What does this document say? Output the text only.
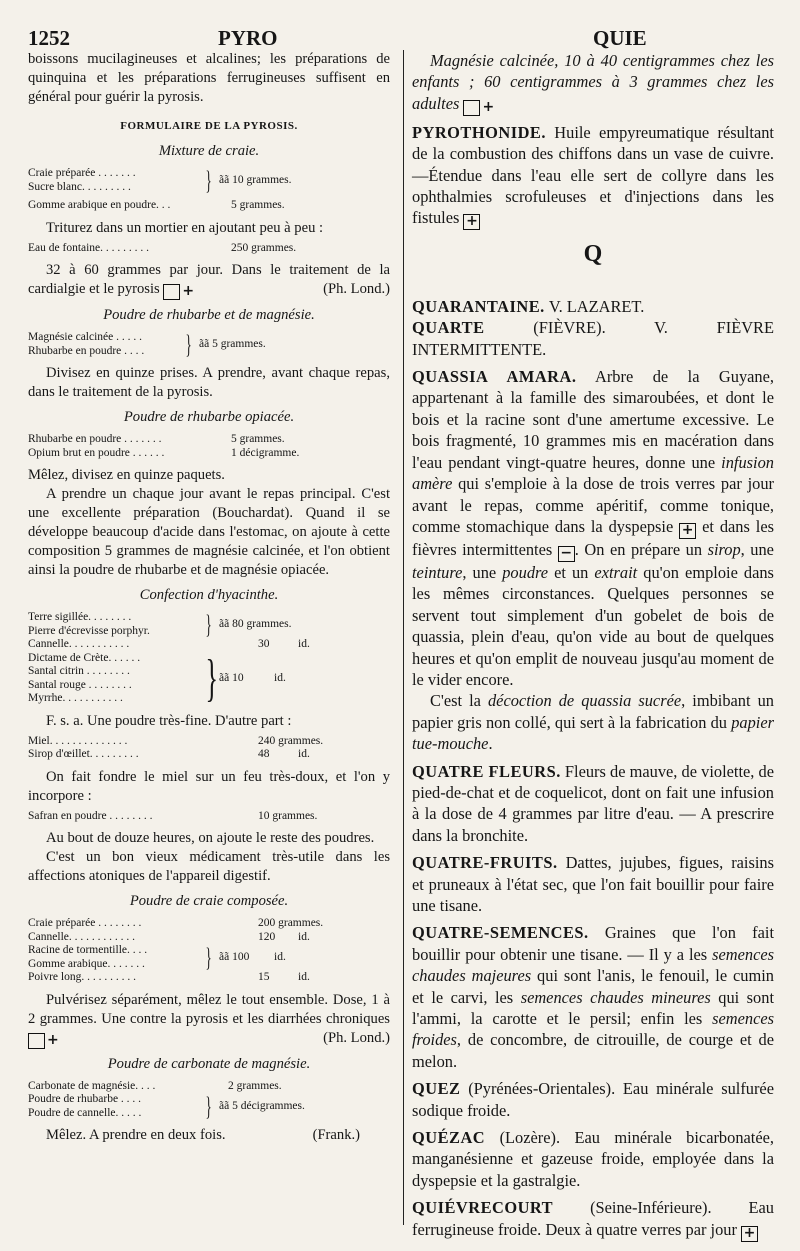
1252	PYRO	QUIE

boissons mucilagineuses et alcalines; les préparations de quinquina et les préparations ferrugineuses suffisent en général pour guérir la pyrosis.

FORMULAIRE DE LA PYROSIS.
Mixture de craie.
Craie préparée . . . . . . .
Sucre blanc. . . . . . . . .	} ãã 10 grammes.
Gomme arabique en poudre. . .	5 grammes.

Triturez dans un mortier en ajoutant peu à peu :

Eau de fontaine. . . . . . . . .	250 grammes.

32 à 60 grammes par jour. Dans le traitement de la cardialgie et le pyrosis +	(Ph. Lond.)

Poudre de rhubarbe et de magnésie.
Magnésie calcinée . . . . .
Rhubarbe en poudre . . . .	} ãã 5 grammes.

Divisez en quinze prises. A prendre, avant chaque repas, dans le traitement de la pyrosis.

Poudre de rhubarbe opiacée.
Rhubarbe en poudre . . . . . . .	5 grammes.
Opium brut en poudre . . . . . .	1 décigramme.

Mêlez, divisez en quinze paquets.

A prendre un chaque jour avant le repas principal. C'est une excellente préparation (Bouchardat). Quand il se développe beaucoup d'acide dans l'estomac, on ajoute à cette composition 5 grammes de magnésie calcinée, et l'on obtient ainsi la poudre de rhubarbe et de magnésie opiacée.

Confection d'hyacinthe.
Terre sigillée. . . . . . . .
Pierre d'écrevisse porphyr.	} ãã 80 grammes.
Cannelle. . . . . . . . . . .	30	id.
Dictame de Crète. . . . . .
Santal citrin . . . . . . . .
Santal rouge . . . . . . . .
Myrrhe. . . . . . . . . . .	} ãã 10	id.

F. s. a. Une poudre très-fine. D'autre part :

Miel. . . . . . . . . . . . . .	240 grammes.
Sirop d'œillet. . . . . . . . .	48	id.

On fait fondre le miel sur un feu très-doux, et l'on y incorpore :

Safran en poudre . . . . . . . .	10 grammes.

Au bout de douze heures, on ajoute le reste des poudres.

C'est un bon vieux médicament très-utile dans les affections atoniques de l'appareil digestif.

Poudre de craie composée.
Craie préparée . . . . . . . .	200 grammes.
Cannelle. . . . . . . . . . . .	120	id.
Racine de tormentille. . . .
Gomme arabique. . . . . . .	} ãã 100	id.
Poivre long. . . . . . . . . .	15	id.

Pulvérisez séparément, mêlez le tout ensemble. Dose, 1 à 2 grammes. Une contre la pyrosis et les diarrhées chroniques +	(Ph. Lond.)

Poudre de carbonate de magnésie.
Carbonate de magnésie. . . .	2 grammes.
Poudre de rhubarbe . . . .
Poudre de cannelle. . . . .	} ãã 5 décigrammes.

Mêlez. A prendre en deux fois.	(Frank.)

Magnésie calcinée, 10 à 40 centigrammes chez les enfants ; 60 centigrammes à 3 grammes chez les adultes +

PYROTHONIDE. Huile empyreumatique résultant de la combustion des chiffons dans un vase de cuivre.—Étendue dans l'eau elle sert de collyre dans les ophthalmies scrofuleuses et d'injections dans les fistules +

Q

QUARANTAINE. V. LAZARET.

QUARTE	(FIÈVRE). V. FIÈVRE INTERMITTENTE.

QUASSIA AMARA. Arbre de la Guyane, appartenant à la famille des simaroubées, et dont le bois et la racine sont d'une amertume excessive. Le bois fragmenté, 10 grammes mis en macération dans l'eau pendant vingt-quatre heures, donne une infusion amère qui s'emploie à la dose de trois verres par jour avant le repas, comme apéritif, comme tonique, comme stomachique dans la dyspepsie + et dans les fièvres intermittentes − . On en prépare un sirop, une teinture, une poudre et un extrait qu'on emploie dans les mêmes circonstances. Quelques personnes se servent tout simplement d'un gobelet de bois de quassia, plein d'eau, qu'on vide au bout de quelques heures et qu'on emplit de nouveau jusqu'au moment de le vider encore.

C'est la décoction de quassia sucrée, imbibant un papier gris non collé, qui sert à la fabrication du papier tue-mouche.

QUATRE FLEURS. Fleurs de mauve, de violette, de pied-de-chat et de coquelicot, dont on fait une infusion à la dose de 4 grammes par litre d'eau. — A prescrire dans la bronchite.

QUATRE-FRUITS. Dattes, jujubes, figues, raisins et pruneaux à l'état sec, que l'on fait bouillir pour faire une tisane.

QUATRE-SEMENCES. Graines que l'on fait bouillir pour obtenir une tisane. — Il y a les semences chaudes majeures qui sont l'anis, le fenouil, le cumin et le carvi, les semences chaudes mineures qui sont l'ammi, la carotte et le persil; enfin les semences froides, de concombre, de citrouille, de courge et de melon.

QUEZ (Pyrénées-Orientales). Eau minérale sulfurée sodique froide.

QUÉZAC (Lozère). Eau minérale bicarbonatée, manganésienne et gazeuse froide, employée dans la dyspepsie et la gastralgie.

QUIÉVRECOURT (Seine-Inférieure). Eau ferrugineuse froide. Deux à quatre verres par jour +
